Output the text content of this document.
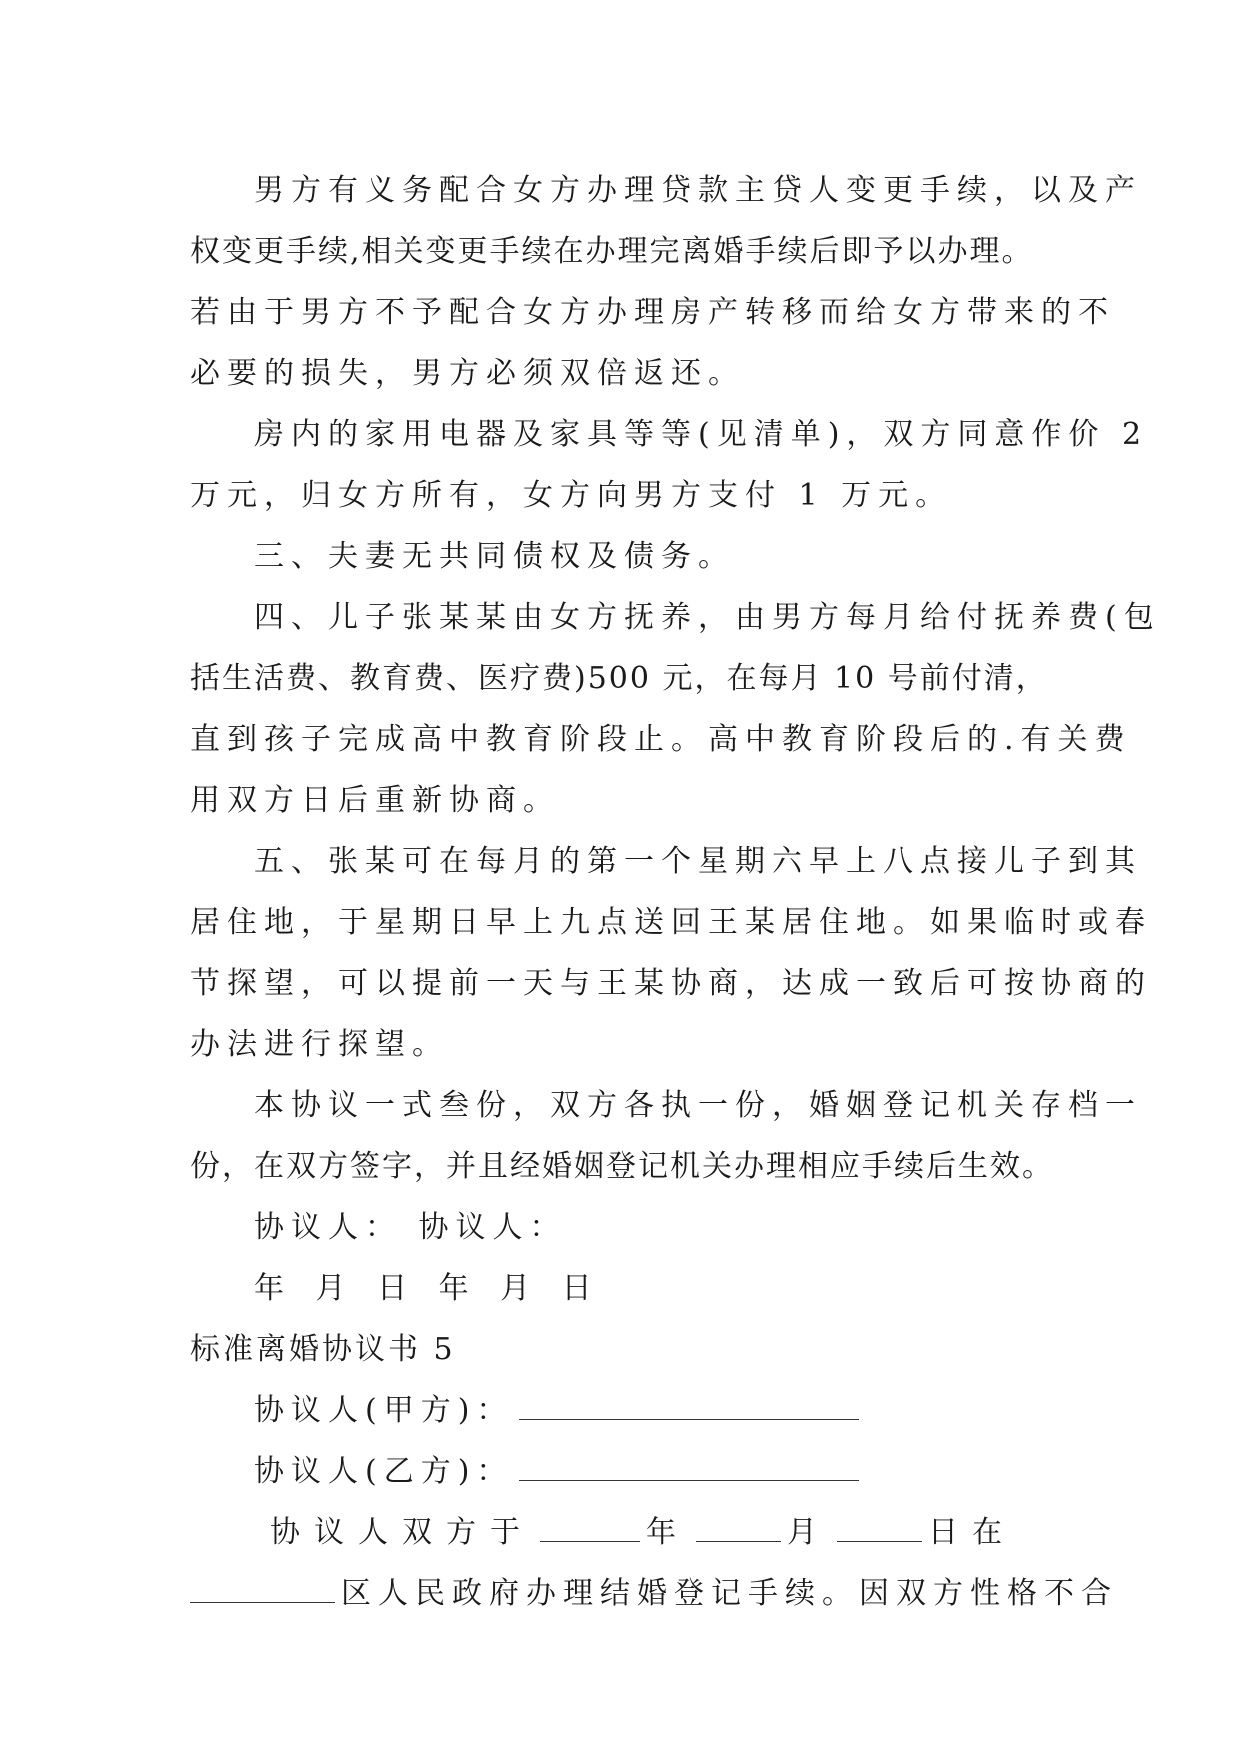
男方有义务配合女方办理贷款主贷人变更手续，以及产
权变更手续,相关变更手续在办理完离婚手续后即予以办理。
若由于男方不予配合女方办理房产转移而给女方带来的不
必要的损失，男方必须双倍返还。
房内的家用电器及家具等等(见清单)，双方同意作价 2
万元，归女方所有，女方向男方支付 1 万元。
三、夫妻无共同债权及债务。
四、儿子张某某由女方抚养，由男方每月给付抚养费(包
括生活费、教育费、医疗费)500 元，在每月 10 号前付清，
直到孩子完成高中教育阶段止。高中教育阶段后的.有关费
用双方日后重新协商。
五、张某可在每月的第一个星期六早上八点接儿子到其
居住地，于星期日早上九点送回王某居住地。如果临时或春
节探望，可以提前一天与王某协商，达成一致后可按协商的
办法进行探望。
本协议一式叁份，双方各执一份，婚姻登记机关存档一
份，在双方签字，并且经婚姻登记机关办理相应手续后生效。
协议人： 协议人：
年 月 日 年 月 日
标准离婚协议书 5
协议人(甲方)：
协议人(乙方)：
协议人双方于	年	月	日在
区人民政府办理结婚登记手续。因双方性格不合
